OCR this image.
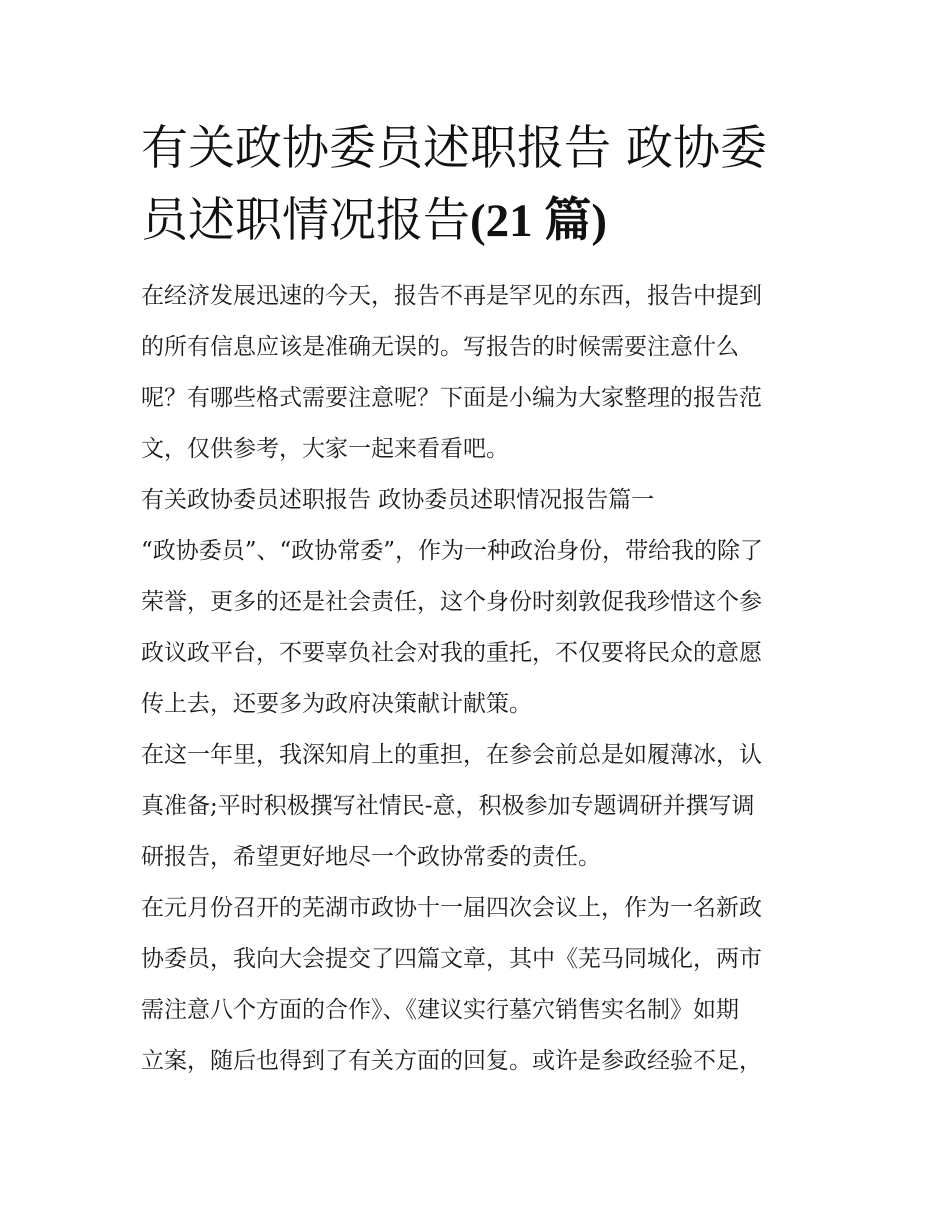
有关政协委员述职报告 政协委
员述职情况报告(21 篇)

在经济发展迅速的今天，报告不再是罕见的东西，报告中提到
的所有信息应该是准确无误的。写报告的时候需要注意什么
呢？有哪些格式需要注意呢？下面是小编为大家整理的报告范
文，仅供参考，大家一起来看看吧。

有关政协委员述职报告 政协委员述职情况报告篇一

“政协委员”、“政协常委”，作为一种政治身份，带给我的除了
荣誉，更多的还是社会责任，这个身份时刻敦促我珍惜这个参
政议政平台，不要辜负社会对我的重托，不仅要将民众的意愿
传上去，还要多为政府决策献计献策。

在这一年里，我深知肩上的重担，在参会前总是如履薄冰，认
真准备;平时积极撰写社情民-意，积极参加专题调研并撰写调
研报告，希望更好地尽一个政协常委的责任。

在元月份召开的芜湖市政协十一届四次会议上，作为一名新政
协委员，我向大会提交了四篇文章，其中《芜马同城化，两市
需注意八个方面的合作》、《建议实行墓穴销售实名制》如期
立案，随后也得到了有关方面的回复。或许是参政经验不足，
